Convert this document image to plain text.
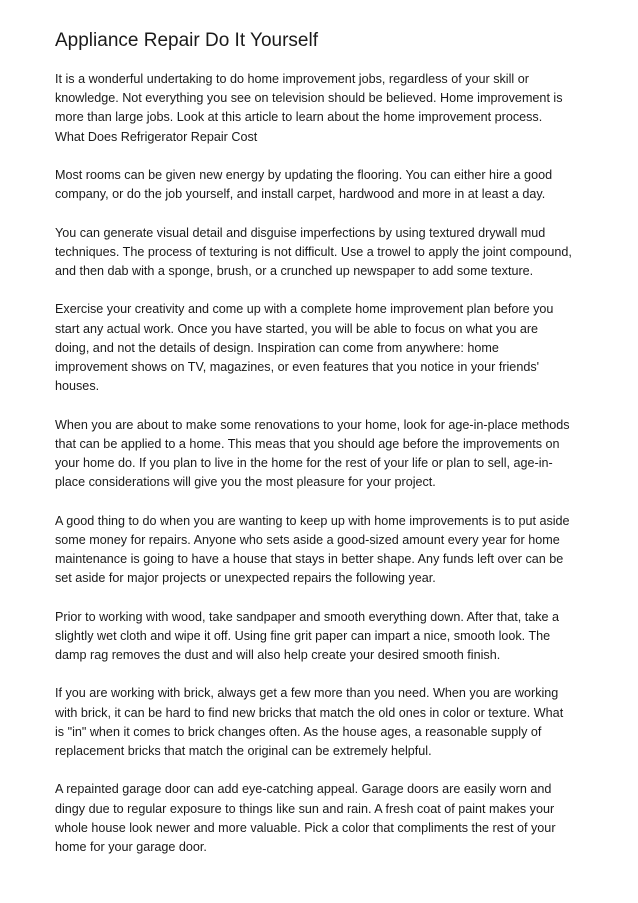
Appliance Repair Do It Yourself

It is a wonderful undertaking to do home improvement jobs, regardless of your skill or
knowledge. Not everything you see on television should be believed. Home improvement is
more than large jobs. Look at this article to learn about the home improvement process.
What Does Refrigerator Repair Cost

Most rooms can be given new energy by updating the flooring. You can either hire a good
company, or do the job yourself, and install carpet, hardwood and more in at least a day.

You can generate visual detail and disguise imperfections by using textured drywall mud
techniques. The process of texturing is not difficult. Use a trowel to apply the joint compound,
and then dab with a sponge, brush, or a crunched up newspaper to add some texture.

Exercise your creativity and come up with a complete home improvement plan before you
start any actual work. Once you have started, you will be able to focus on what you are
doing, and not the details of design. Inspiration can come from anywhere: home
improvement shows on TV, magazines, or even features that you notice in your friends'
houses.

When you are about to make some renovations to your home, look for age-in-place methods
that can be applied to a home. This meas that you should age before the improvements on
your home do. If you plan to live in the home for the rest of your life or plan to sell, age-in-
place considerations will give you the most pleasure for your project.

A good thing to do when you are wanting to keep up with home improvements is to put aside
some money for repairs. Anyone who sets aside a good-sized amount every year for home
maintenance is going to have a house that stays in better shape. Any funds left over can be
set aside for major projects or unexpected repairs the following year.

Prior to working with wood, take sandpaper and smooth everything down. After that, take a
slightly wet cloth and wipe it off. Using fine grit paper can impart a nice, smooth look. The
damp rag removes the dust and will also help create your desired smooth finish.

If you are working with brick, always get a few more than you need. When you are working
with brick, it can be hard to find new bricks that match the old ones in color or texture. What
is "in" when it comes to brick changes often. As the house ages, a reasonable supply of
replacement bricks that match the original can be extremely helpful.

A repainted garage door can add eye-catching appeal. Garage doors are easily worn and
dingy due to regular exposure to things like sun and rain. A fresh coat of paint makes your
whole house look newer and more valuable. Pick a color that compliments the rest of your
home for your garage door.
